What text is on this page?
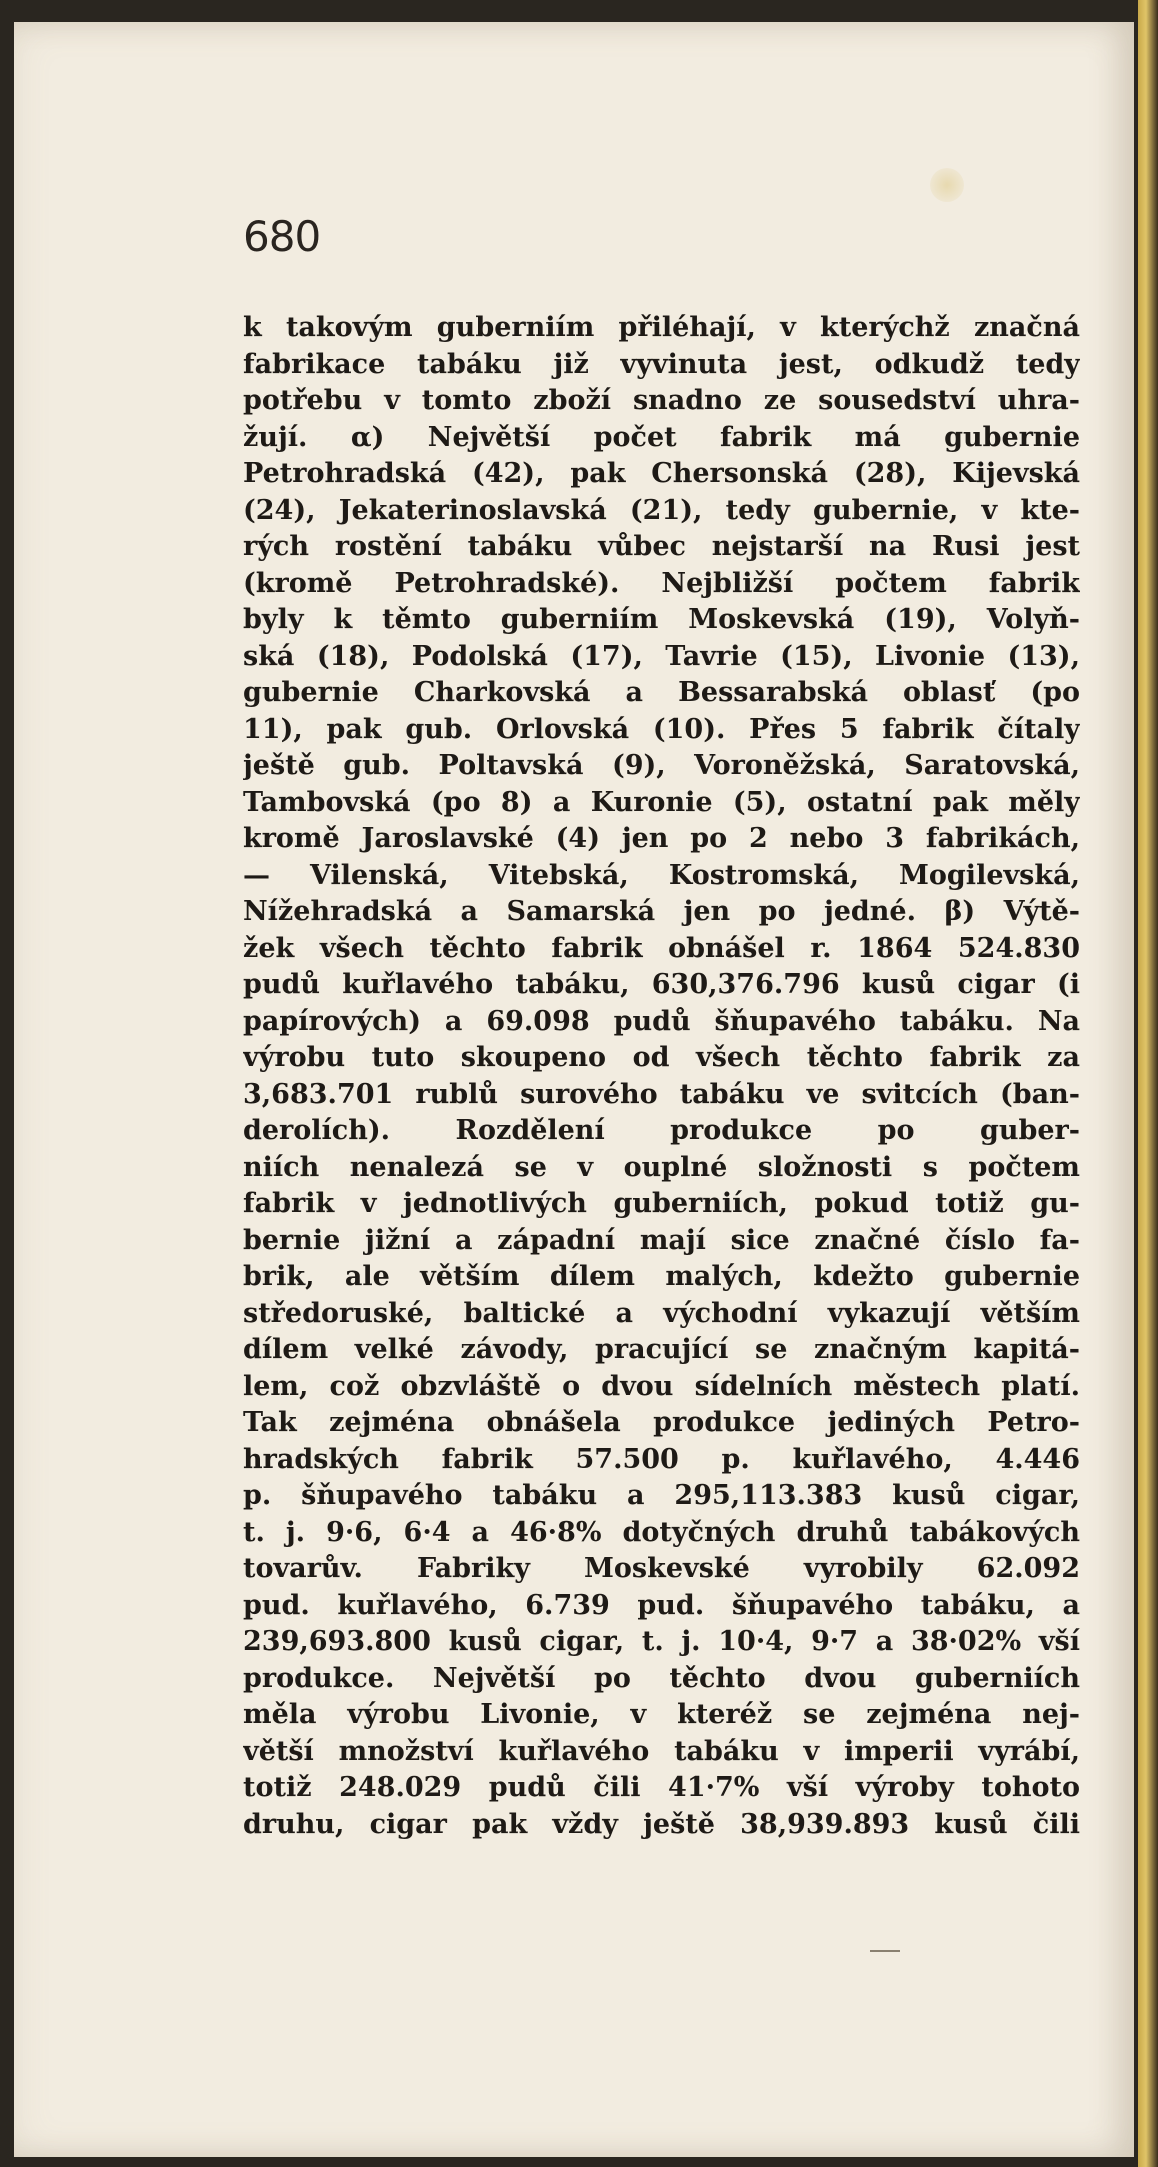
680
k takovým guberniím přiléhají, v kterýchž značná
fabrikace tabáku již vyvinuta jest, odkudž tedy
potřebu v tomto zboží snadno ze sousedství uhra-
žují. α) Největší počet fabrik má gubernie
Petrohradská (42), pak Chersonská (28), Kijevská
(24), Jekaterinoslavská (21), tedy gubernie, v kte-
rých rostění tabáku vůbec nejstarší na Rusi jest
(kromě Petrohradské). Nejbližší počtem fabrik
byly k těmto guberniím Moskevská (19), Volyň-
ská (18), Podolská (17), Tavrie (15), Livonie (13),
gubernie Charkovská a Bessarabská oblasť (po
11), pak gub. Orlovská (10). Přes 5 fabrik čítaly
ještě gub. Poltavská (9), Voroněžská, Saratovská,
Tambovská (po 8) a Kuronie (5), ostatní pak měly
kromě Jaroslavské (4) jen po 2 nebo 3 fabrikách,
— Vilenská, Vitebská, Kostromská, Mogilevská,
Nížehradská a Samarská jen po jedné. β) Výtě-
žek všech těchto fabrik obnášel r. 1864 524.830
pudů kuřlavého tabáku, 630,376.796 kusů cigar (i
papírových) a 69.098 pudů šňupavého tabáku. Na
výrobu tuto skoupeno od všech těchto fabrik za
3,683.701 rublů surového tabáku ve svitcích (ban-
derolích). Rozdělení produkce po guber-
niích nenalezá se v ouplné složnosti s počtem
fabrik v jednotlivých guberniích, pokud totiž gu-
bernie jižní a západní mají sice značné číslo fa-
brik, ale větším dílem malých, kdežto gubernie
středoruské, baltické a východní vykazují větším
dílem velké závody, pracující se značným kapitá-
lem, což obzvláště o dvou sídelních městech platí.
Tak zejména obnášela produkce jediných Petro-
hradských fabrik 57.500 p. kuřlavého, 4.446
p. šňupavého tabáku a 295,113.383 kusů cigar,
t. j. 9·6, 6·4 a 46·8% dotyčných druhů tabákových
tovarův. Fabriky Moskevské vyrobily 62.092
pud. kuřlavého, 6.739 pud. šňupavého tabáku, a
239,693.800 kusů cigar, t. j. 10·4, 9·7 a 38·02% vší
produkce. Největší po těchto dvou guberniích
měla výrobu Livonie, v kteréž se zejména nej-
větší množství kuřlavého tabáku v imperii vyrábí,
totiž 248.029 pudů čili 41·7% vší výroby tohoto
druhu, cigar pak vždy ještě 38,939.893 kusů čili
